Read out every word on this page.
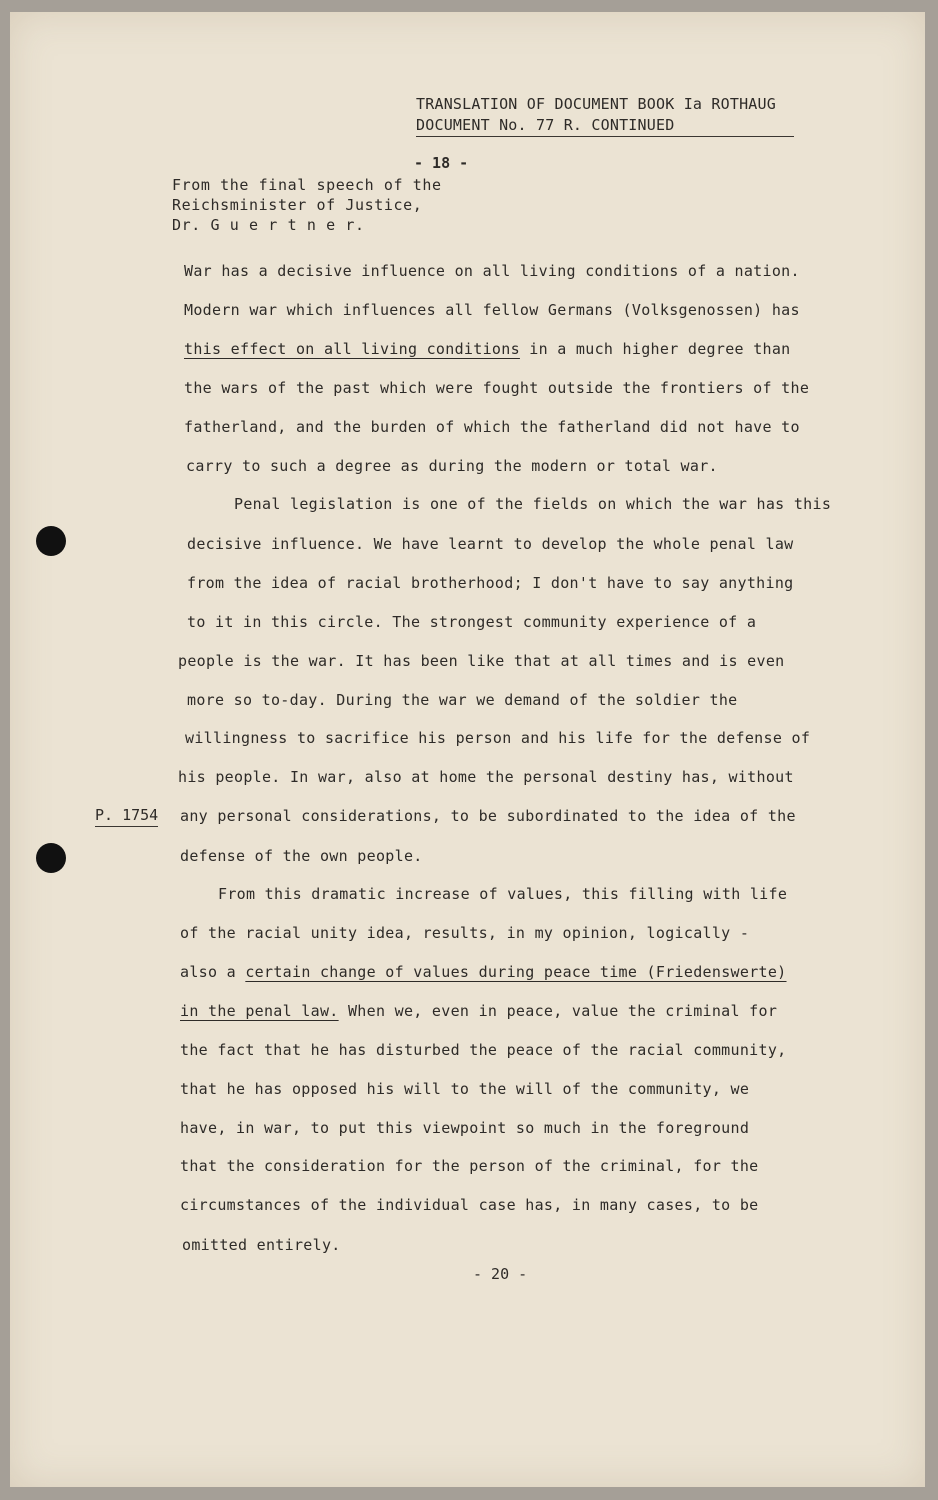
TRANSLATION OF DOCUMENT BOOK Ia ROTHAUG
DOCUMENT No. 77 R. CONTINUED
- 18 -
From the final speech of the
Reichsminister of Justice,
Dr. G u e r t n e r.
War has a decisive influence on all living conditions of a nation.
Modern war which influences all fellow Germans (Volksgenossen) has
this effect on all living conditions in a much higher degree than
the wars of the past which were fought outside the frontiers of the
fatherland, and the burden of which the fatherland did not have to
carry to such a degree as during the modern or total war.
Penal legislation is one of the fields on which the war has this
decisive influence. We have learnt to develop the whole penal law
from the idea of racial brotherhood; I don't have to say anything
to it in this circle. The strongest community experience of a
people is the war. It has been like that at all times and is even
more so to-day. During the war we demand of the soldier the
willingness to sacrifice his person and his life for the defense of
his people. In war, also at home the personal destiny has, without
any personal considerations, to be subordinated to the idea of the
defense of the own people.
From this dramatic increase of values, this filling with life
of the racial unity idea, results, in my opinion, logically -
also a certain change of values during peace time (Friedenswerte)
in the penal law. When we, even in peace, value the criminal for
the fact that he has disturbed the peace of the racial community,
that he has opposed his will to the will of the community, we
have, in war, to put this viewpoint so much in the foreground
that the consideration for the person of the criminal, for the
circumstances of the individual case has, in many cases, to be
omitted entirely.
P. 1754
- 20 -
